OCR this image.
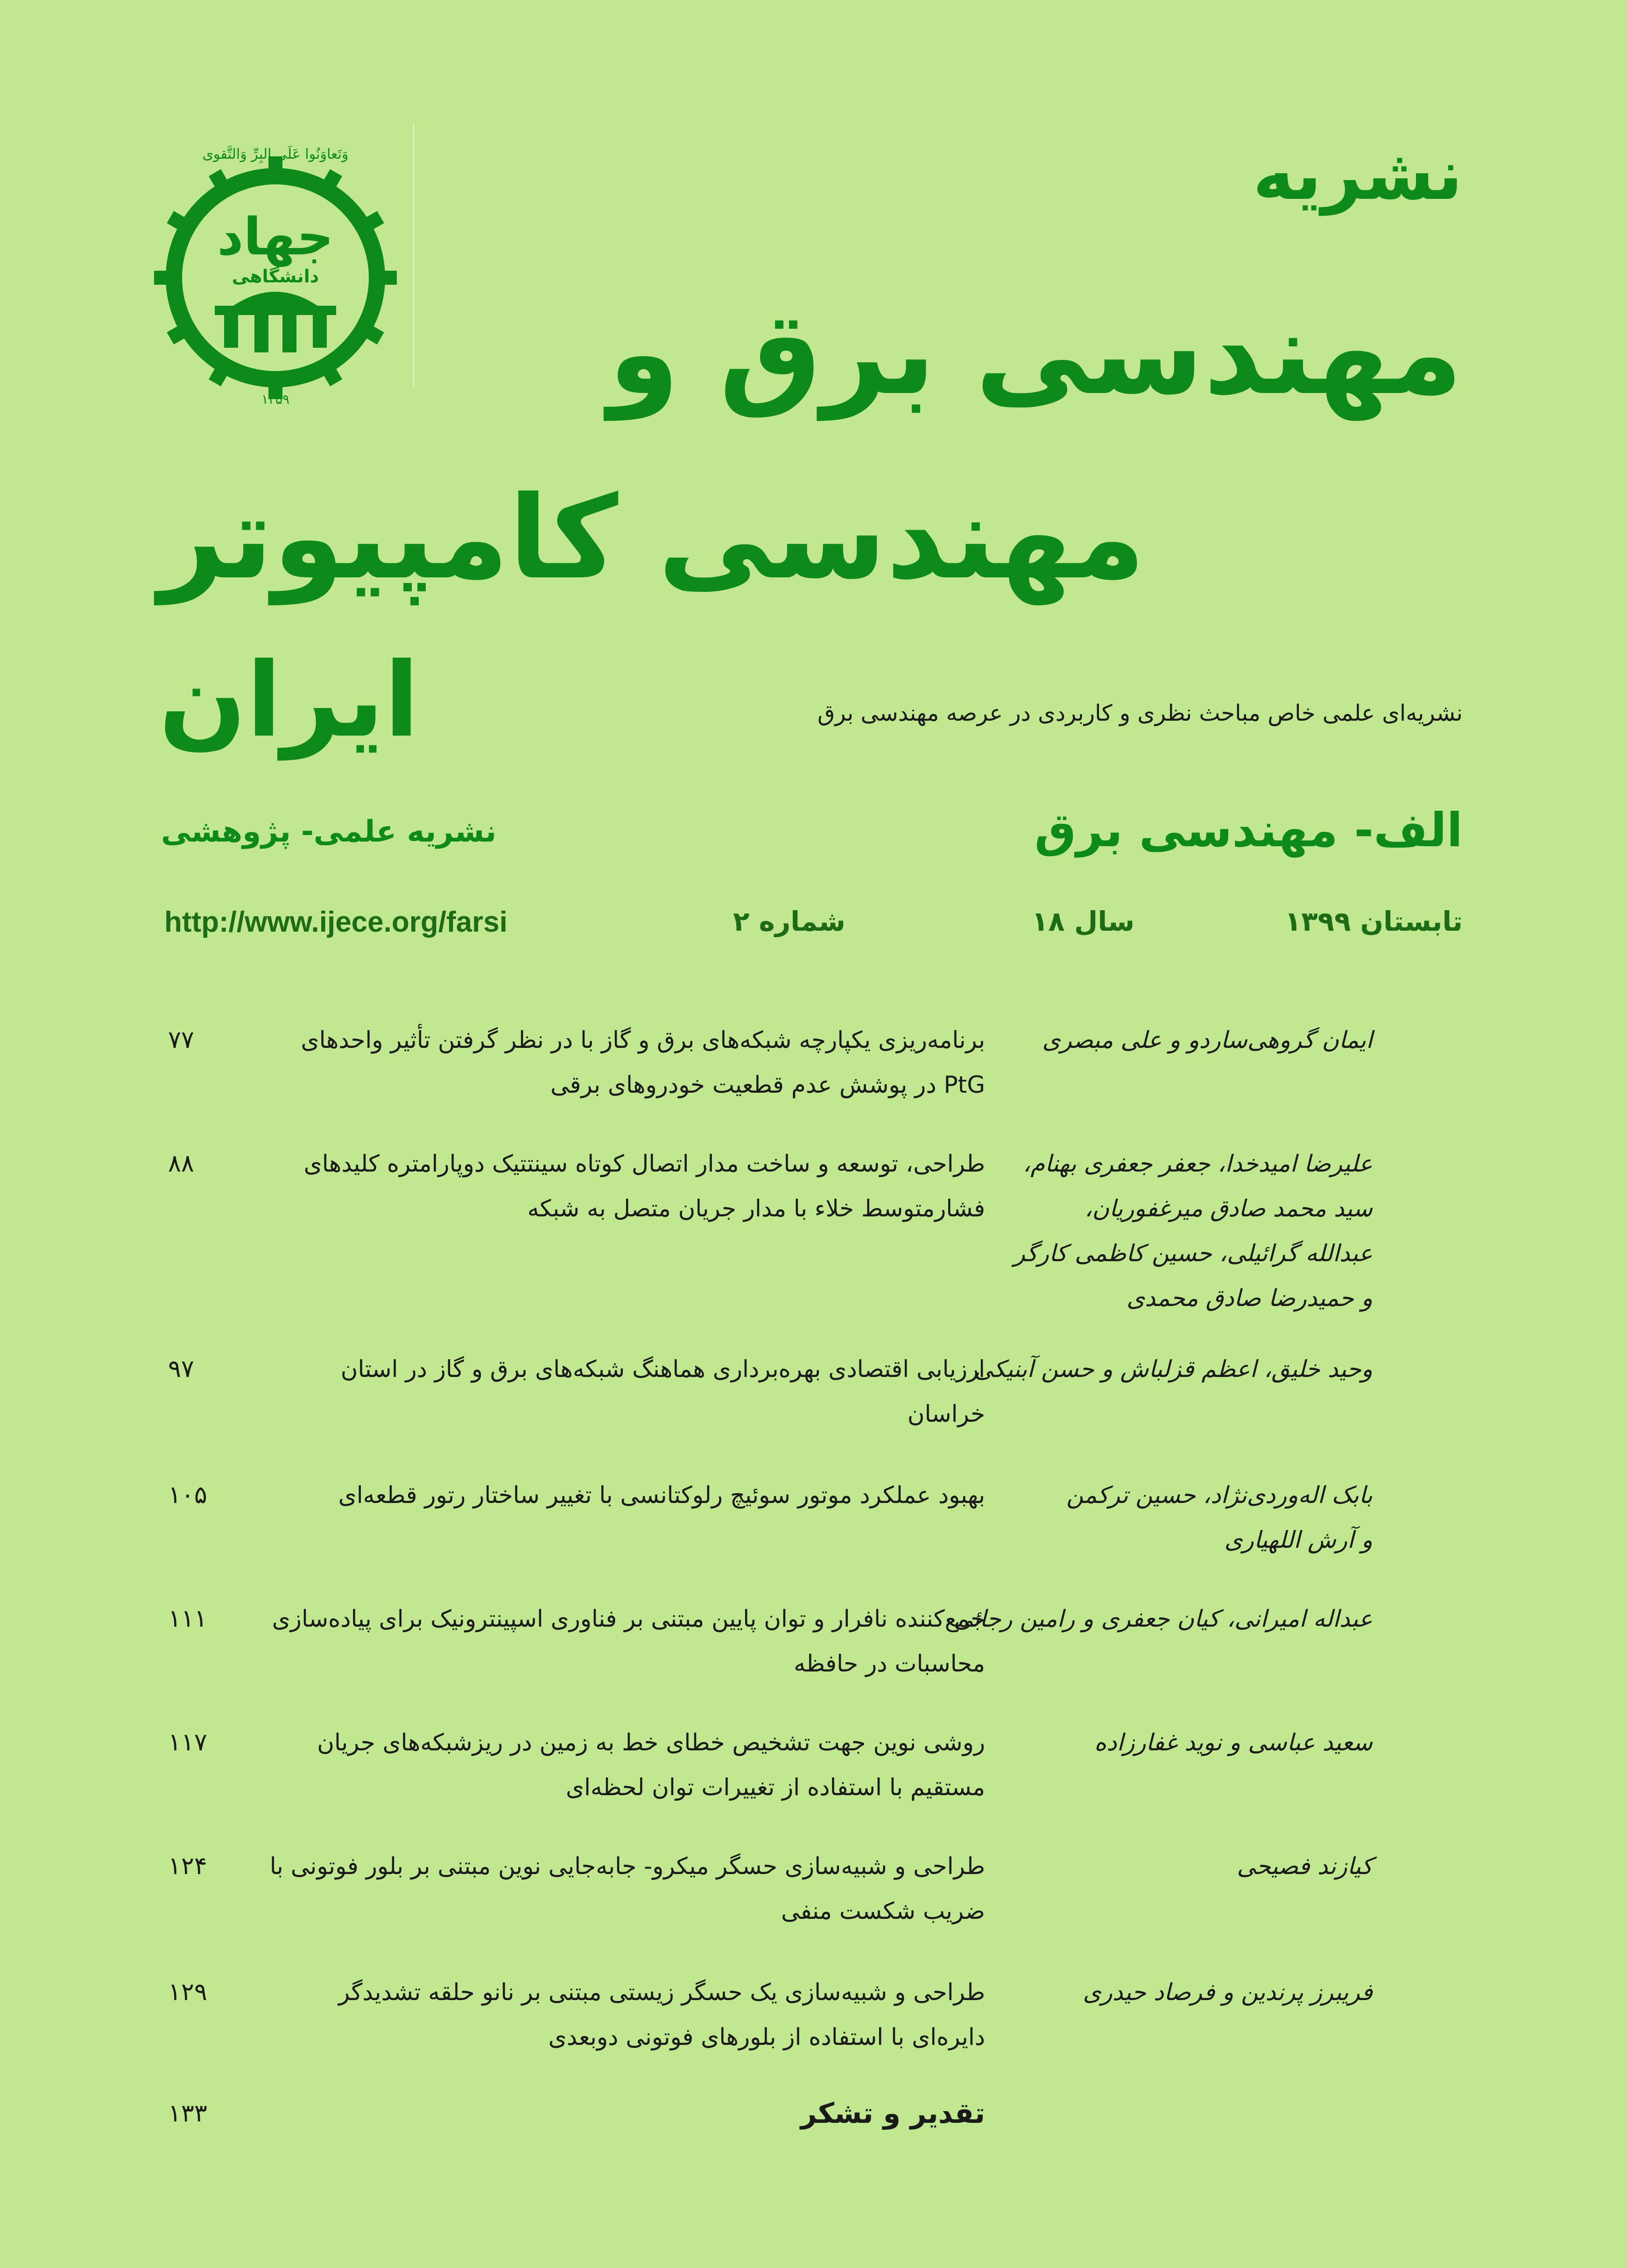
جهاد
دانشگاهی
وَتَعاوَنُوا عَلَی البِرِّ وَالتَّقوی
۱۳۵۹
نشریه
مهندسی برق و
مهندسی کامپیوتر
ایران	نشریه‌ای علمی خاص مباحث نظری و کاربردی در عرصه مهندسی برق
الف- مهندسی برق
نشریه علمی- پژوهشی
تابستان ۱۳۹۹
سال ۱۸
شماره ۲
http://www.ijece.org/farsi
ایمان گروهی‌ساردو و علی مبصری
برنامه‌ریزی یکپارچه شبکه‌های برق و گاز با در نظر گرفتن تأثیر واحدهای PtG در پوشش عدم قطعیت خودروهای برقی
۷۷
علیرضا امیدخدا، جعفر جعفری بهنام،
سید محمد صادق میرغفوریان،
عبدالله گرائیلی، حسین کاظمی کارگر
و حمیدرضا صادق محمدی
طراحی، توسعه و ساخت مدار اتصال کوتاه سینتتیک دوپارامتره کلیدهای فشارمتوسط خلاء با مدار جریان متصل به شبکه
۸۸
وحید خلیق، اعظم قزلباش و حسن آبنیکی
ارزیابی اقتصادی بهره‌برداری هماهنگ شبکه‌های برق و گاز در استان خراسان
۹۷
بابک اله‌وردی‌نژاد، حسین ترکمن
و آرش اللهیاری
بهبود عملکرد موتور سوئیچ رلوکتانسی با تغییر ساختار رتور قطعه‌ای
۱۰۵
عبداله امیرانی، کیان جعفری و رامین رجائی
جمع‌کننده نافرار و توان پایین مبتنی بر فناوری اسپینترونیک برای پیاده‌سازی محاسبات در حافظه
۱۱۱
سعید عباسی و نوید غفارزاده
روشی نوین جهت تشخیص خطای خط به زمین در ریزشبکه‌های جریان مستقیم با استفاده از تغییرات توان لحظه‌ای
۱۱۷
کیازند فصیحی
طراحی و شبیه‌سازی حسگر میکرو- جابه‌جایی نوین مبتنی بر بلور فوتونی با ضریب شکست منفی
۱۲۴
فریبرز پرندین و فرصاد حیدری
طراحی و شبیه‌سازی یک حسگر زیستی مبتنی بر نانو حلقه تشدیدگر دایره‌ای با استفاده از بلورهای فوتونی دوبعدی
۱۲۹
تقدیر و تشکر
۱۳۳
